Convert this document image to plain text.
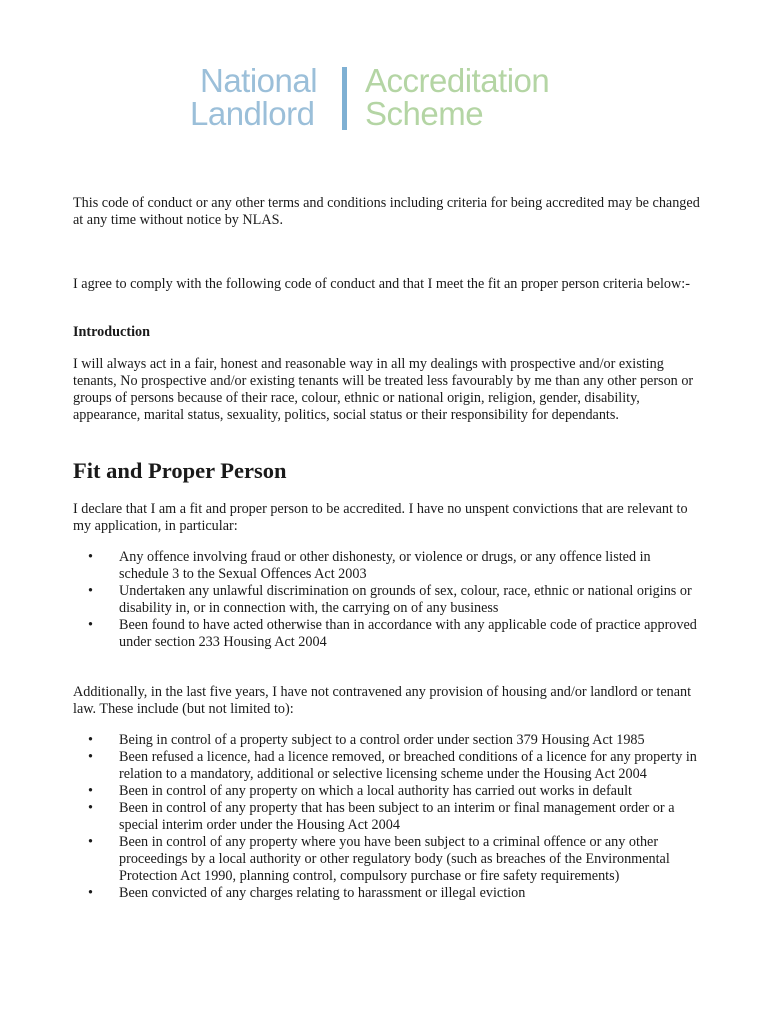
National
Landlord
Accreditation
Scheme

This code of conduct or any other terms and conditions including criteria for being accredited may be changed at any time without notice by NLAS.

I agree to comply with the following code of conduct and that I meet the fit an proper person criteria below:-

Introduction

I will always act in a fair, honest and reasonable way in all my dealings with prospective and/or existing tenants, No prospective and/or existing tenants will be treated less favourably by me than any other person or groups of persons because of their race, colour, ethnic or national origin, religion, gender, disability, appearance, marital status, sexuality, politics, social status or their responsibility for dependants.

Fit and Proper Person

I declare that I am a fit and proper person to be accredited. I have no unspent convictions that are relevant to my application, in particular:

• Any offence involving fraud or other dishonesty, or violence or drugs, or any offence listed in schedule 3 to the Sexual Offences Act 2003
• Undertaken any unlawful discrimination on grounds of sex, colour, race, ethnic or national origins or disability in, or in connection with, the carrying on of any business
• Been found to have acted otherwise than in accordance with any applicable code of practice approved under section 233 Housing Act 2004

Additionally, in the last five years, I have not contravened any provision of housing and/or landlord or tenant law. These include (but not limited to):

• Being in control of a property subject to a control order under section 379 Housing Act 1985
• Been refused a licence, had a licence removed, or breached conditions of a licence for any property in relation to a mandatory, additional or selective licensing scheme under the Housing Act 2004
• Been in control of any property on which a local authority has carried out works in default
• Been in control of any property that has been subject to an interim or final management order or a special interim order under the Housing Act 2004
• Been in control of any property where you have been subject to a criminal offence or any other proceedings by a local authority or other regulatory body (such as breaches of the Environmental Protection Act 1990, planning control, compulsory purchase or fire safety requirements)
• Been convicted of any charges relating to harassment or illegal eviction
